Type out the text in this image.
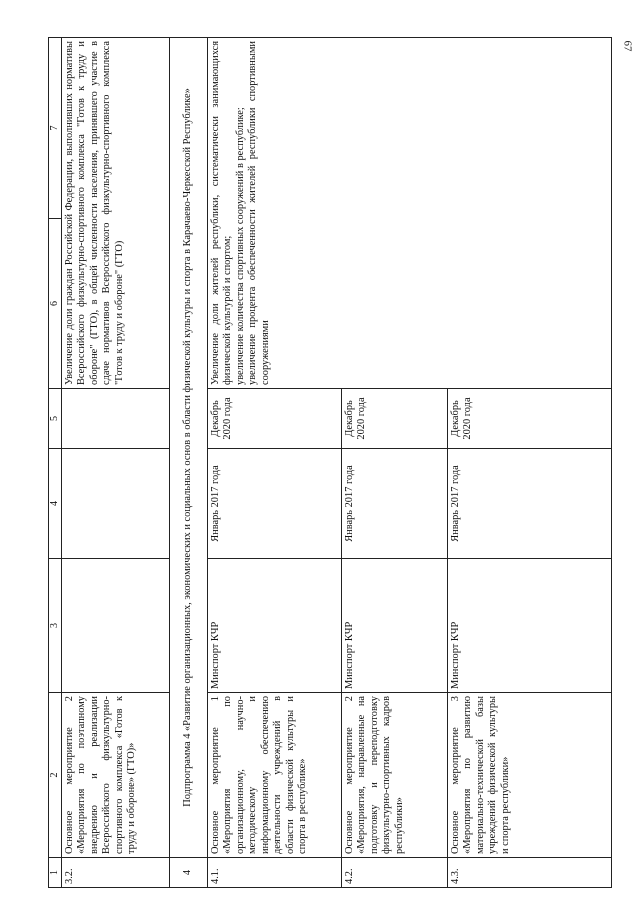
67
1	2	3	4	5	6	7
3.2.	Основное мероприятие 2 «Мероприятия по поэтапному внедрению и реализации Всероссийского физкультурно-спортивного комплекса «Готов к труду и обороне» (ГТО)»				Увеличение доли граждан Российской Федерации, выполнивших нормативы Всероссийского физкультурно-спортивного комплекса "Готов к труду и обороне" (ГТО), в общей численности населения, принявшего участие в сдаче нормативов Всероссийского физкультурно-спортивного комплекса "Готов к труду и обороне" (ГТО)	
4	Подпрограмма 4 «Развитие организационных, экономических и социальных основ в области физической культуры и спорта в Карачаево-Черкесской Республике»					
4.1.	Основное мероприятие 1 «Мероприятия по организационному, научно-методическому и информационному обеспечению деятельности учреждений в области физической культуры и спорта в республике»	Минспорт КЧР	Январь 2017 года	Декабрь 2020 года	Увеличение доли жителей республики, систематически занимающихся физической культурой и спортом;
увеличение количества спортивных сооружений в республике;
увеличение процента обеспеченности жителей республики спортивными сооружениями	
4.2.	Основное мероприятие 2 «Мероприятия, направленные на подготовку и переподготовку физкультурно-спортивных кадров республики»	Минспорт КЧР	Январь 2017 года	Декабрь 2020 года		
4.3.	Основное мероприятие 3 «Мероприятия по развитию материально-технической базы учреждений физической культуры и спорта республики»	Минспорт КЧР	Январь 2017 года	Декабрь 2020 года		
